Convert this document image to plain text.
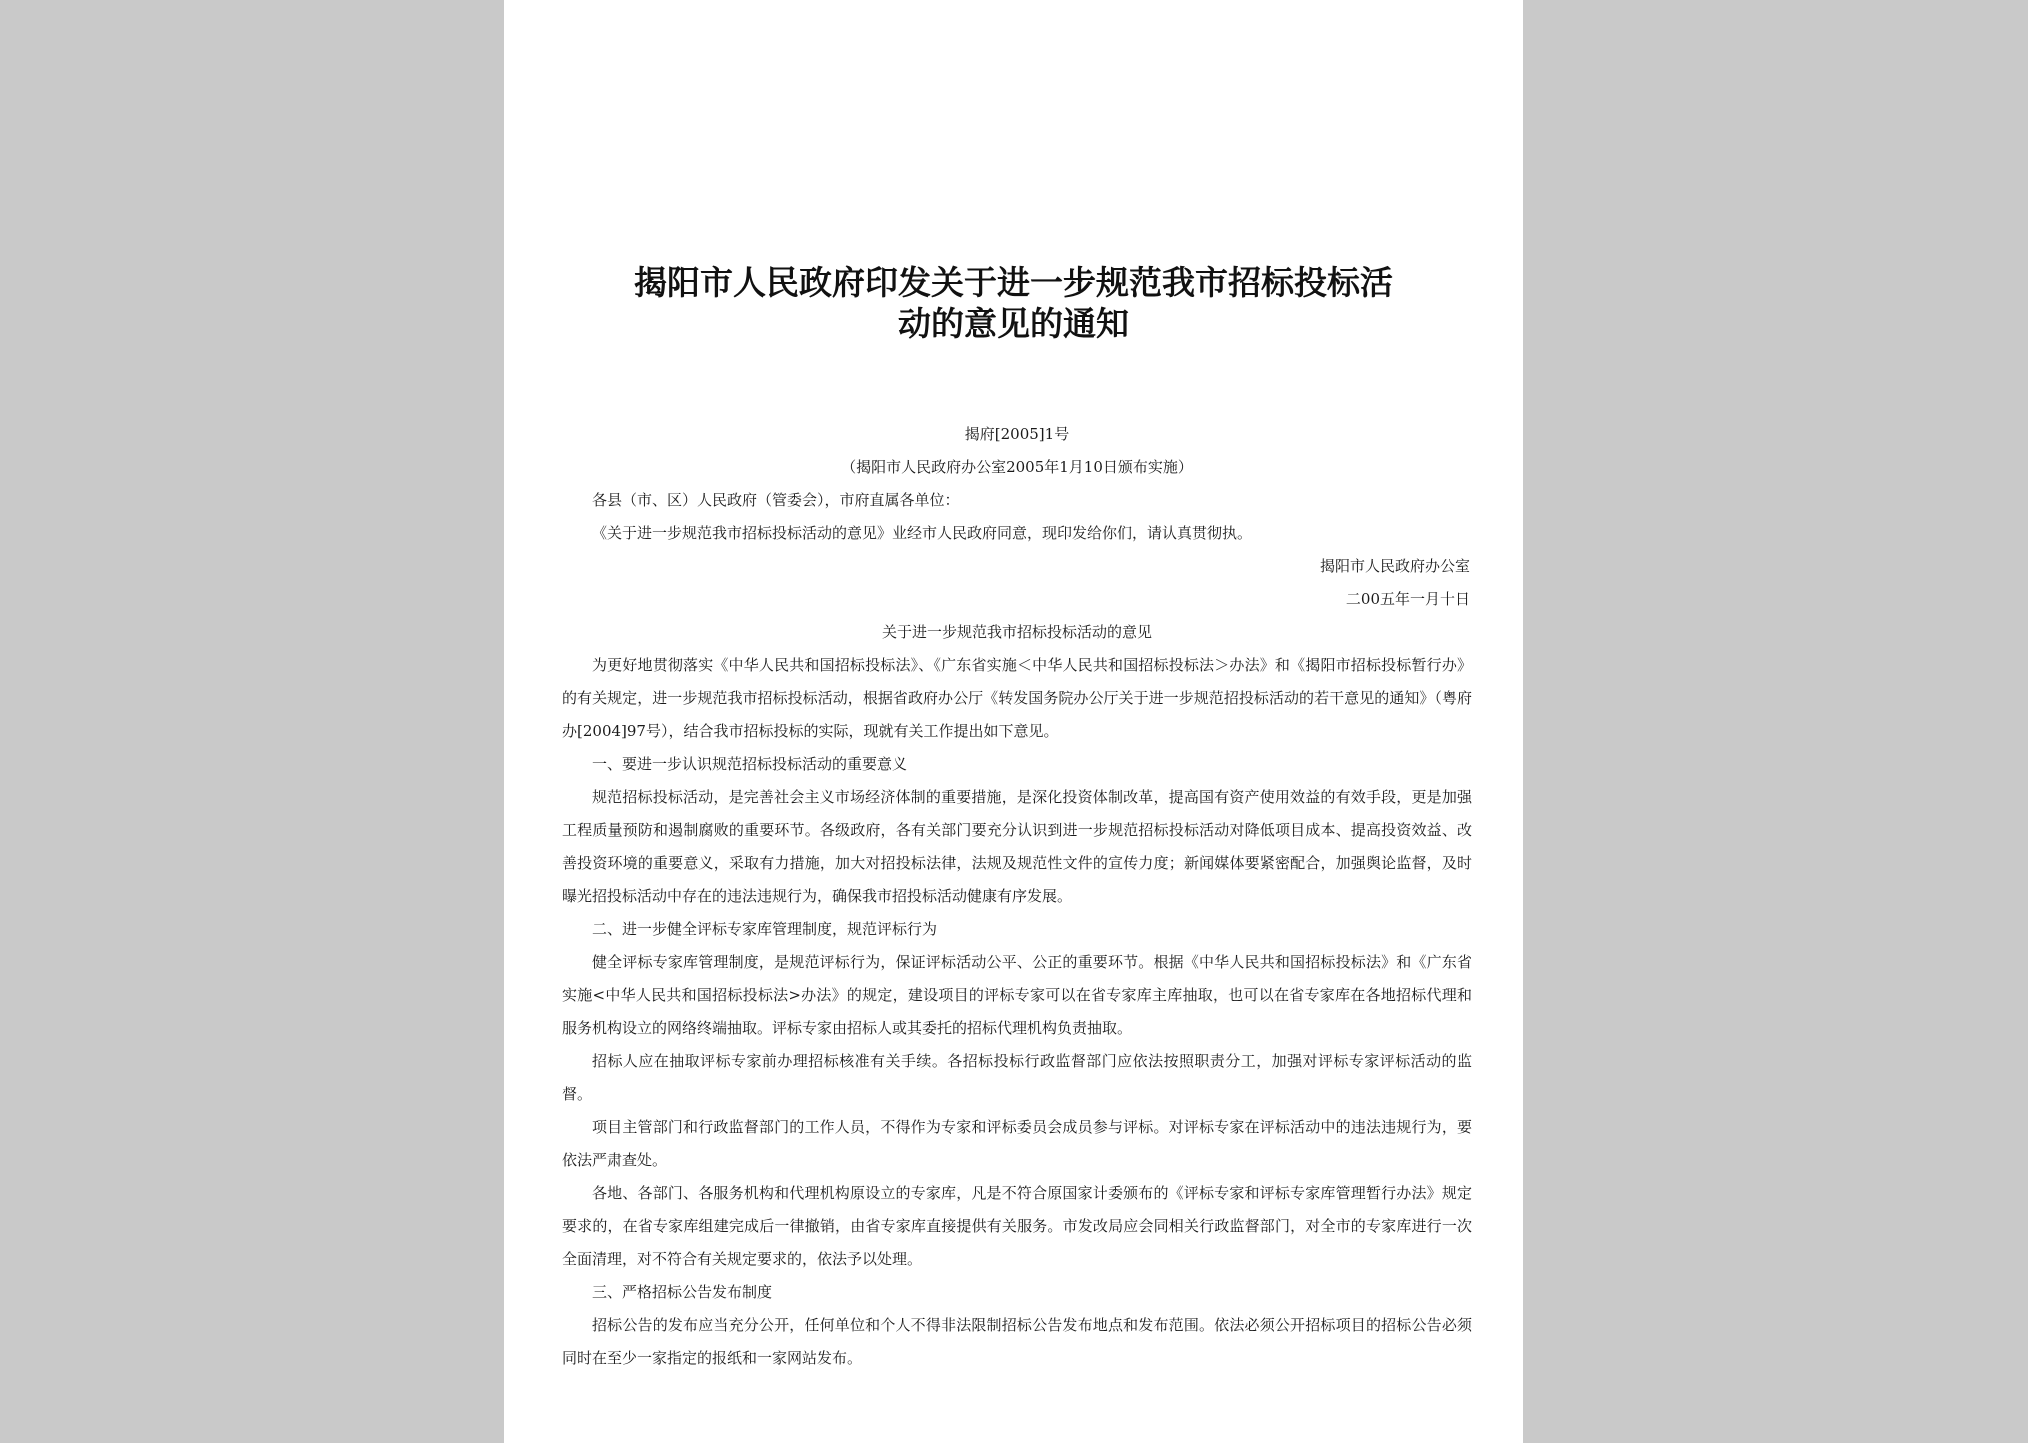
揭阳市人民政府印发关于进一步规范我市招标投标活
动的意见的通知

揭府[2005]1号

（揭阳市人民政府办公室2005年1月10日颁布实施）

各县（市、区）人民政府（管委会），市府直属各单位：

《关于进一步规范我市招标投标活动的意见》业经市人民政府同意，现印发给你们，请认真贯彻执。

揭阳市人民政府办公室

二00五年一月十日

关于进一步规范我市招标投标活动的意见

为更好地贯彻落实《中华人民共和国招标投标法》、《广东省实施＜中华人民共和国招标投标法＞办法》和《揭阳市招标投标暂行办》的有关规定，进一步规范我市招标投标活动，根据省政府办公厅《转发国务院办公厅关于进一步规范招投标活动的若干意见的通知》（粤府办[2004]97号），结合我市招标投标的实际，现就有关工作提出如下意见。

一、要进一步认识规范招标投标活动的重要意义

规范招标投标活动，是完善社会主义市场经济体制的重要措施，是深化投资体制改革，提高国有资产使用效益的有效手段，更是加强工程质量预防和遏制腐败的重要环节。各级政府，各有关部门要充分认识到进一步规范招标投标活动对降低项目成本、提高投资效益、改善投资环境的重要意义，采取有力措施，加大对招投标法律，法规及规范性文件的宣传力度；新闻媒体要紧密配合，加强舆论监督，及时曝光招投标活动中存在的违法违规行为，确保我市招投标活动健康有序发展。

二、进一步健全评标专家库管理制度，规范评标行为

健全评标专家库管理制度，是规范评标行为，保证评标活动公平、公正的重要环节。根据《中华人民共和国招标投标法》和《广东省实施<中华人民共和国招标投标法>办法》的规定，建设项目的评标专家可以在省专家库主库抽取，也可以在省专家库在各地招标代理和服务机构设立的网络终端抽取。评标专家由招标人或其委托的招标代理机构负责抽取。

招标人应在抽取评标专家前办理招标核准有关手续。各招标投标行政监督部门应依法按照职责分工，加强对评标专家评标活动的监督。

项目主管部门和行政监督部门的工作人员，不得作为专家和评标委员会成员参与评标。对评标专家在评标活动中的违法违规行为，要依法严肃查处。

各地、各部门、各服务机构和代理机构原设立的专家库，凡是不符合原国家计委颁布的《评标专家和评标专家库管理暂行办法》规定要求的，在省专家库组建完成后一律撤销，由省专家库直接提供有关服务。市发改局应会同相关行政监督部门，对全市的专家库进行一次全面清理，对不符合有关规定要求的，依法予以处理。

三、严格招标公告发布制度

招标公告的发布应当充分公开，任何单位和个人不得非法限制招标公告发布地点和发布范围。依法必须公开招标项目的招标公告必须同时在至少一家指定的报纸和一家网站发布。
